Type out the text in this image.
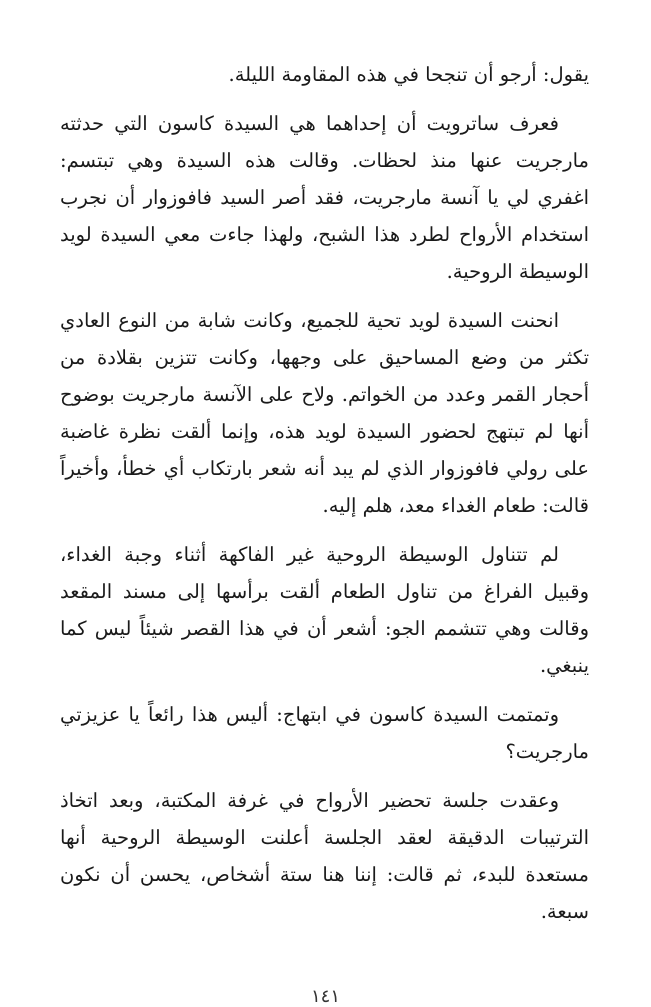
يقول: أرجو أن تنجحا في هذه المقاومة الليلة.

فعرف ساترويت أن إحداهما هي السيدة كاسون التي حدثته مارجريت عنها منذ لحظات. وقالت هذه السيدة وهي تبتسم: اغفري لي يا آنسة مارجريت، فقد أصر السيد فافوزوار أن نجرب استخدام الأرواح لطرد هذا الشبح، ولهذا جاءت معي السيدة لويد الوسيطة الروحية.

انحنت السيدة لويد تحية للجميع، وكانت شابة من النوع العادي تكثر من وضع المساحيق على وجهها، وكانت تتزين بقلادة من أحجار القمر وعدد من الخواتم. ولاح على الآنسة مارجريت بوضوح أنها لم تبتهج لحضور السيدة لويد هذه، وإنما ألقت نظرة غاضبة على رولي فافوزوار الذي لم يبد أنه شعر بارتكاب أي خطأ، وأخيراً قالت: طعام الغداء معد، هلم إليه.

لم تتناول الوسيطة الروحية غير الفاكهة أثناء وجبة الغداء، وقبيل الفراغ من تناول الطعام ألقت برأسها إلى مسند المقعد وقالت وهي تتشمم الجو: أشعر أن في هذا القصر شيئاً ليس كما ينبغي.

وتمتمت السيدة كاسون في ابتهاج: أليس هذا رائعاً يا عزيزتي مارجريت؟

وعقدت جلسة تحضير الأرواح في غرفة المكتبة، وبعد اتخاذ الترتيبات الدقيقة لعقد الجلسة أعلنت الوسيطة الروحية أنها مستعدة للبدء، ثم قالت: إننا هنا ستة أشخاص، يحسن أن نكون سبعة.

١٤١
